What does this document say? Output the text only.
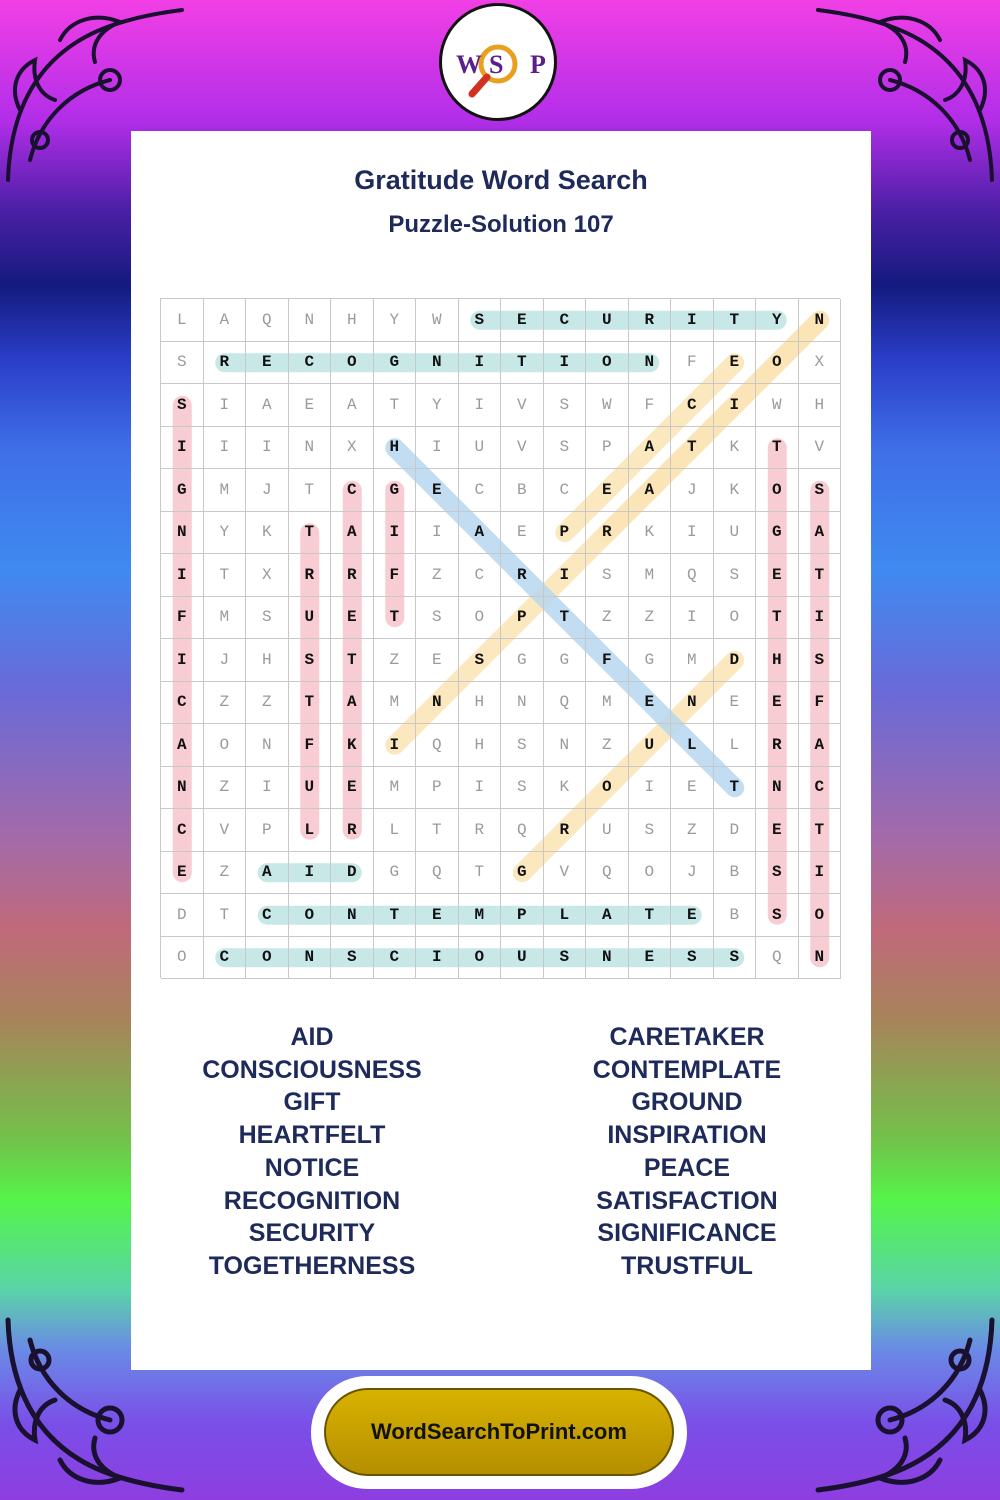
W S P
Gratitude Word Search
Puzzle-Solution 107
L	A	Q	N	H	Y	W	S	E	C	U	R	I	T	Y	N
S	R	E	C	O	G	N	I	T	I	O	N	F	E	O	X
S	I	A	E	A	T	Y	I	V	S	W	F	C	I	W	H
I	I	I	N	X	H	I	U	V	S	P	A	T	K	T	V
G	M	J	T	C	G	E	C	B	C	E	A	J	K	O	S
N	Y	K	T	A	I	I	A	E	P	R	K	I	U	G	A
I	T	X	R	R	F	Z	C	R	I	S	M	Q	S	E	T
F	M	S	U	E	T	S	O	P	T	Z	Z	I	O	T	I
I	J	H	S	T	Z	E	S	G	G	F	G	M	D	H	S
C	Z	Z	T	A	M	N	H	N	Q	M	E	N	E	E	F
A	O	N	F	K	I	Q	H	S	N	Z	U	L	L	R	A
N	Z	I	U	E	M	P	I	S	K	O	I	E	T	N	C
C	V	P	L	R	L	T	R	Q	R	U	S	Z	D	E	T
E	Z	A	I	D	G	Q	T	G	V	Q	O	J	B	S	I
D	T	C	O	N	T	E	M	P	L	A	T	E	B	S	O
O	C	O	N	S	C	I	O	U	S	N	E	S	S	Q	N
AID
CONSCIOUSNESS
GIFT
HEARTFELT
NOTICE
RECOGNITION
SECURITY
TOGETHERNESS
CARETAKER
CONTEMPLATE
GROUND
INSPIRATION
PEACE
SATISFACTION
SIGNIFICANCE
TRUSTFUL
WordSearchToPrint.com
